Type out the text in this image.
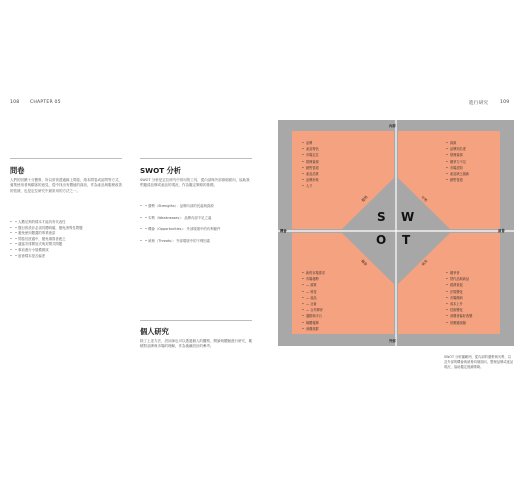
108 CHAPTER 05
問卷

人們的回饋十分寶貴，所以常常透過線上問卷、紙本問卷或訪問等方式，蒐集使用者與顧客的意見，從中找出有價值的資訊，作為產品與服務改善的依據，也是定位研究中最常用的方法之一。

• • 人數足夠的樣本才能具有代表性
• • 題目的設計必須具體明確，避免誘導性問題
• • 避免使用艱澀的專業術語
• • 問卷長度適中，避免填寫者疲乏
• • 適當安排開放式與封閉式問題
• • 事前進行小規模測試
• • 留意樣本是否偏差
SWOT 分析

SWOT 分析是定位研究中常用的工具，從內部與外部兩個面向，協助我們釐清品牌或產品的現況，作為擬定策略的基礎。

• • 優勢（Strengths）：品牌內部的長處與資源
• • 劣勢（Weaknesses）：品牌內部不足之處
• • 機會（Opportunities）：外部環境中的有利條件
• • 威脅（Threats）：外部環境中的不利因素
個人研究

除了上述方法，設計師也可以透過個人的觀察、閱讀與體驗進行研究，累積對品牌與市場的理解，作為後續設計的參考。

進行研究	109
內部
外部
機會	威脅
優勢	劣勢
機會	威脅
S W
O T
• 品牌
• 產品特色
• 市場定位
• 財務資源
• 銷售管道
• 產品品質
• 品牌形象
• 人才
• 資源
• 品牌知名度
• 財務資源
• 競爭力不足
• 市場認知
• 產品缺乏創新
• 銷售管道
• 新的市場需求
• 市場趨勢
• — 政策
• — 科技
• — 產品
• — 社會
• — 合作夥伴
• 通路與平台
• 媒體報導
• 消費族群
• 競爭者
• 替代品與新品
• 經濟衰退
• 法規變化
• 市場飽和
• 成本上升
• 技術變化
• 消費者偏好改變
• 供應鏈風險

SWOT 分析圖範例，從內部的優勢與劣勢，以及外部的機會與威脅四個面向，整理品牌或產品現況，協助擬定後續策略。
